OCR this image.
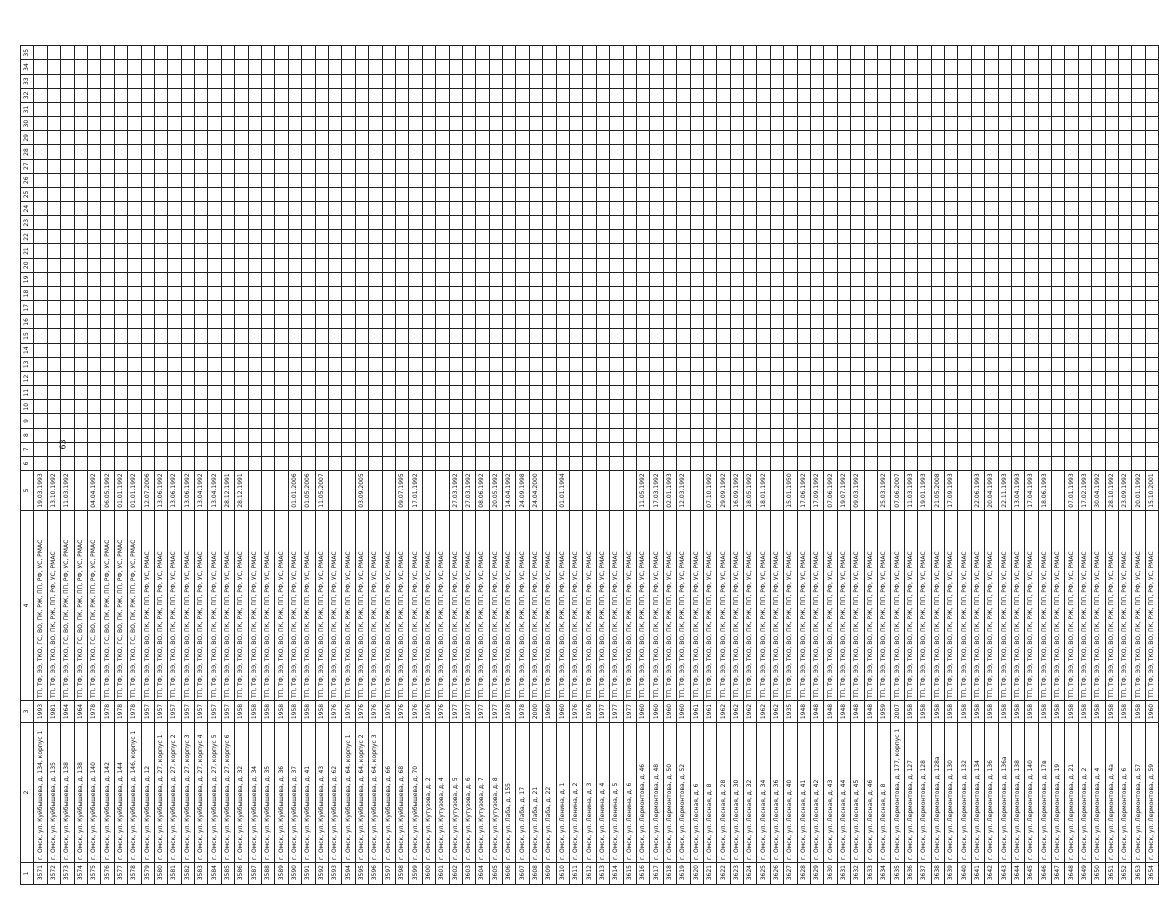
63
1	2	3	4	5	6	7	8	9	10	11	12	13	14	15	16	17	18	19	20	21	22	23	24	25	26	27	28	29	30	31	32	33	34	35
3571	г. Омск, ул. Куйбышева, д. 134, корпус 1	1993	ТП, ТФ, ЭЭ, ТКО, ГС, ВО, ПК, РЖ, ПП, РФ, УС, РМАС	19.03.1993																														
3572	г. Омск, ул. Куйбышева, д. 135	1981	ТП, ТФ, ЭЭ, ТКО, ВО, ПК, РЖ, ПП, РФ, УС, РМАС	13.10.1992																														
3573	г. Омск, ул. Куйбышева, д. 138	1964	ТП, ТФ, ЭЭ, ТКО, ГС, ВО, ПК, РЖ, ПП, РФ, УС, РМАС	11.03.1992																														
3574	г. Омск, ул. Куйбышева, д. 138	1964	ТП, ТФ, ЭЭ, ТКО, ГС, ВО, ПК, РЖ, ПП, РФ, УС, РМАС																															
3575	г. Омск, ул. Куйбышева, д. 140	1978	ТП, ТФ, ЭЭ, ТКО, ГС, ВО, ПК, РЖ, ПП, РФ, УС, РМАС	04.04.1992																														
3576	г. Омск, ул. Куйбышева, д. 142	1978	ТП, ТФ, ЭЭ, ТКО, ГС, ВО, ПК, РЖ, ПП, РФ, УС, РМАС	06.05.1992																														
3577	г. Омск, ул. Куйбышева, д. 144	1978	ТП, ТФ, ЭЭ, ТКО, ГС, ВО, ПК, РЖ, ПП, РФ, УС, РМАС	01.01.1992																														
3578	г. Омск, ул. Куйбышева, д. 146, корпус 1	1978	ТП, ТФ, ЭЭ, ТКО, ГС, ВО, ПК, РЖ, ПП, РФ, УС, РМАС	01.01.1992																														
3579	г. Омск, ул. Куйбышева, д. 12	1957	ТП, ТФ, ЭЭ, ТКО, ВО, ПК, РЖ, ПП, РФ, УС, РМАС	12.07.2006																														
3580	г. Омск, ул. Куйбышева, д. 27, корпус 1	1957	ТП, ТФ, ЭЭ, ТКО, ВО, ПК, РЖ, ПП, РФ, УС, РМАС	13.06.1992																														
3581	г. Омск, ул. Куйбышева, д. 27, корпус 2	1957	ТП, ТФ, ЭЭ, ТКО, ВО, ПК, РЖ, ПП, РФ, УС, РМАС	13.06.1992																														
3582	г. Омск, ул. Куйбышева, д. 27, корпус 3	1957	ТП, ТФ, ЭЭ, ТКО, ВО, ПК, РЖ, ПП, РФ, УС, РМАС	13.06.1992																														
3583	г. Омск, ул. Куйбышева, д. 27, корпус 4	1957	ТП, ТФ, ЭЭ, ТКО, ВО, ПК, РЖ, ПП, РФ, УС, РМАС	13.04.1992																														
3584	г. Омск, ул. Куйбышева, д. 27, корпус 5	1957	ТП, ТФ, ЭЭ, ТКО, ВО, ПК, РЖ, ПП, РФ, УС, РМАС	13.04.1992																														
3585	г. Омск, ул. Куйбышева, д. 27, корпус 6	1957	ТП, ТФ, ЭЭ, ТКО, ВО, ПК, РЖ, ПП, РФ, УС, РМАС	28.12.1991																														
3586	г. Омск, ул. Куйбышева, д. 32	1958	ТП, ТФ, ЭЭ, ТКО, ВО, ПК, РЖ, ПП, РФ, УС, РМАС	28.12.1991																														
3587	г. Омск, ул. Куйбышева, д. 34	1958	ТП, ТФ, ЭЭ, ТКО, ВО, ПК, РЖ, ПП, РФ, УС, РМАС																															
3588	г. Омск, ул. Куйбышева, д. 35	1958	ТП, ТФ, ЭЭ, ТКО, ВО, ПК, РЖ, ПП, РФ, УС, РМАС																															
3589	г. Омск, ул. Куйбышева, д. 36	1958	ТП, ТФ, ЭЭ, ТКО, ВО, ПК, РЖ, ПП, РФ, УС, РМАС																															
3590	г. Омск, ул. Куйбышева, д. 37	1958	ТП, ТФ, ЭЭ, ТКО, ВО, ПК, РЖ, ПП, РФ, УС, РМАС	01.01.2006																														
3591	г. Омск, ул. Куйбышева, д. 41	1958	ТП, ТФ, ЭЭ, ТКО, ВО, ПК, РЖ, ПП, РФ, УС, РМАС	01.05.2006																														
3592	г. Омск, ул. Куйбышева, д. 43	1958	ТП, ТФ, ЭЭ, ТКО, ВО, ПК, РЖ, ПП, РФ, УС, РМАС	11.05.2007																														
3593	г. Омск, ул. Куйбышева, д. 62	1976	ТП, ТФ, ЭЭ, ТКО, ВО, ПК, РЖ, ПП, РФ, УС, РМАС																															
3594	г. Омск, ул. Куйбышева, д. 64, корпус 1	1976	ТП, ТФ, ЭЭ, ТКО, ВО, ПК, РЖ, ПП, РФ, УС, РМАС																															
3595	г. Омск, ул. Куйбышева, д. 64, корпус 2	1976	ТП, ТФ, ЭЭ, ТКО, ВО, ПК, РЖ, ПП, РФ, УС, РМАС	03.09.2005																														
3596	г. Омск, ул. Куйбышева, д. 64, корпус 3	1976	ТП, ТФ, ЭЭ, ТКО, ВО, ПК, РЖ, ПП, РФ, УС, РМАС																															
3597	г. Омск, ул. Куйбышева, д. 66	1976	ТП, ТФ, ЭЭ, ТКО, ВО, ПК, РЖ, ПП, РФ, УС, РМАС																															
3598	г. Омск, ул. Куйбышева, д. 68	1976	ТП, ТФ, ЭЭ, ТКО, ВО, ПК, РЖ, ПП, РФ, УС, РМАС	09.07.1995																														
3599	г. Омск, ул. Куйбышева, д. 70	1976	ТП, ТФ, ЭЭ, ТКО, ВО, ПК, РЖ, ПП, РФ, УС, РМАС	17.01.1992																														
3600	г. Омск, ул. Кутузова, д. 2	1976	ТП, ТФ, ЭЭ, ТКО, ВО, ПК, РЖ, ПП, РФ, УС, РМАС																															
3601	г. Омск, ул. Кутузова, д. 4	1976	ТП, ТФ, ЭЭ, ТКО, ВО, ПК, РЖ, ПП, РФ, УС, РМАС																															
3602	г. Омск, ул. Кутузова, д. 5	1977	ТП, ТФ, ЭЭ, ТКО, ВО, ПК, РЖ, ПП, РФ, УС, РМАС	27.03.1992																														
3603	г. Омск, ул. Кутузова, д. 6	1977	ТП, ТФ, ЭЭ, ТКО, ВО, ПК, РЖ, ПП, РФ, УС, РМАС	27.03.1992																														
3604	г. Омск, ул. Кутузова, д. 7	1977	ТП, ТФ, ЭЭ, ТКО, ВО, ПК, РЖ, ПП, РФ, УС, РМАС	08.06.1992																														
3605	г. Омск, ул. Кутузова, д. 8	1977	ТП, ТФ, ЭЭ, ТКО, ВО, ПК, РЖ, ПП, РФ, УС, РМАС	20.05.1992																														
3606	г. Омск, ул. Лаба, д. 155	1978	ТП, ТФ, ЭЭ, ТКО, ВО, ПК, РЖ, ПП, РФ, УС, РМАС	14.04.1992																														
3607	г. Омск, ул. Лаба, д. 17	1978	ТП, ТФ, ЭЭ, ТКО, ВО, ПК, РЖ, ПП, РФ, УС, РМАС	24.09.1998																														
3608	г. Омск, ул. Лаба, д. 21	2000	ТП, ТФ, ЭЭ, ТКО, ВО, ПК, РЖ, ПП, РФ, УС, РМАС	24.04.2000																														
3609	г. Омск, ул. Лаба, д. 22	1960	ТП, ТФ, ЭЭ, ТКО, ВО, ПК, РЖ, ПП, РФ, УС, РМАС																															
3610	г. Омск, ул. Ленина, д. 1	1960	ТП, ТФ, ЭЭ, ТКО, ВО, ПК, РЖ, ПП, РФ, УС, РМАС	01.01.1994																														
3611	г. Омск, ул. Ленина, д. 2	1976	ТП, ТФ, ЭЭ, ТКО, ВО, ПК, РЖ, ПП, РФ, УС, РМАС																															
3612	г. Омск, ул. Ленина, д. 3	1976	ТП, ТФ, ЭЭ, ТКО, ВО, ПК, РЖ, ПП, РФ, УС, РМАС																															
3613	г. Омск, ул. Ленина, д. 4	1977	ТП, ТФ, ЭЭ, ТКО, ВО, ПК, РЖ, ПП, РФ, УС, РМАС																															
3614	г. Омск, ул. Ленина, д. 5	1977	ТП, ТФ, ЭЭ, ТКО, ВО, ПК, РЖ, ПП, РФ, УС, РМАС																															
3615	г. Омск, ул. Ленина, д. 6	1977	ТП, ТФ, ЭЭ, ТКО, ВО, ПК, РЖ, ПП, РФ, УС, РМАС																															
3616	г. Омск, ул. Лермонтова, д. 46	1960	ТП, ТФ, ЭЭ, ТКО, ВО, ПК, РЖ, ПП, РФ, УС, РМАС	11.05.1992																														
3617	г. Омск, ул. Лермонтова, д. 48	1960	ТП, ТФ, ЭЭ, ТКО, ВО, ПК, РЖ, ПП, РФ, УС, РМАС	17.03.1992																														
3618	г. Омск, ул. Лермонтова, д. 50	1960	ТП, ТФ, ЭЭ, ТКО, ВО, ПК, РЖ, ПП, РФ, УС, РМАС	02.01.1993																														
3619	г. Омск, ул. Лермонтова, д. 52	1960	ТП, ТФ, ЭЭ, ТКО, ВО, ПК, РЖ, ПП, РФ, УС, РМАС	12.03.1992																														
3620	г. Омск, ул. Лесная, д. 6	1961	ТП, ТФ, ЭЭ, ТКО, ВО, ПК, РЖ, ПП, РФ, УС, РМАС																															
3621	г. Омск, ул. Лесная, д. 8	1961	ТП, ТФ, ЭЭ, ТКО, ВО, ПК, РЖ, ПП, РФ, УС, РМАС	07.10.1992																														
3622	г. Омск, ул. Лесная, д. 28	1962	ТП, ТФ, ЭЭ, ТКО, ВО, ПК, РЖ, ПП, РФ, УС, РМАС	29.09.1992																														
3623	г. Омск, ул. Лесная, д. 30	1962	ТП, ТФ, ЭЭ, ТКО, ВО, ПК, РЖ, ПП, РФ, УС, РМАС	16.09.1992																														
3624	г. Омск, ул. Лесная, д. 32	1962	ТП, ТФ, ЭЭ, ТКО, ВО, ПК, РЖ, ПП, РФ, УС, РМАС	18.05.1992																														
3625	г. Омск, ул. Лесная, д. 34	1962	ТП, ТФ, ЭЭ, ТКО, ВО, ПК, РЖ, ПП, РФ, УС, РМАС	18.01.1992																														
3626	г. Омск, ул. Лесная, д. 36	1962	ТП, ТФ, ЭЭ, ТКО, ВО, ПК, РЖ, ПП, РФ, УС, РМАС																															
3627	г. Омск, ул. Лесная, д. 40	1935	ТП, ТФ, ЭЭ, ТКО, ВО, ПК, РЖ, ПП, РФ, УС, РМАС	15.01.1950																														
3628	г. Омск, ул. Лесная, д. 41	1948	ТП, ТФ, ЭЭ, ТКО, ВО, ПК, РЖ, ПП, РФ, УС, РМАС	17.06.1992																														
3629	г. Омск, ул. Лесная, д. 42	1948	ТП, ТФ, ЭЭ, ТКО, ВО, ПК, РЖ, ПП, РФ, УС, РМАС	17.09.1992																														
3630	г. Омск, ул. Лесная, д. 43	1948	ТП, ТФ, ЭЭ, ТКО, ВО, ПК, РЖ, ПП, РФ, УС, РМАС	07.06.1992																														
3631	г. Омск, ул. Лесная, д. 44	1948	ТП, ТФ, ЭЭ, ТКО, ВО, ПК, РЖ, ПП, РФ, УС, РМАС	19.07.1992																														
3632	г. Омск, ул. Лесная, д. 45	1948	ТП, ТФ, ЭЭ, ТКО, ВО, ПК, РЖ, ПП, РФ, УС, РМАС	09.03.1992																														
3633	г. Омск, ул. Лесная, д. 46	1948	ТП, ТФ, ЭЭ, ТКО, ВО, ПК, РЖ, ПП, РФ, УС, РМАС																															
3634	г. Омск, ул. Лесная, д. 8	1959	ТП, ТФ, ЭЭ, ТКО, ВО, ПК, РЖ, ПП, РФ, УС, РМАС	25.03.1992																														
3635	г. Омск, ул. Лермонтова, д. 177, корпус 1	2007	ТП, ТФ, ЭЭ, ТКО, ВО, ПК, РЖ, ПП, РФ, УС, РМАС	07.06.2007																														
3636	г. Омск, ул. Лермонтова, д. 127	1958	ТП, ТФ, ЭЭ, ТКО, ВО, ПК, РЖ, ПП, РФ, УС, РМАС	11.03.1993																														
3637	г. Омск, ул. Лермонтова, д. 128	1958	ТП, ТФ, ЭЭ, ТКО, ВО, ПК, РЖ, ПП, РФ, УС, РМАС	19.01.1993																														
3638	г. Омск, ул. Лермонтова, д. 128а	1958	ТП, ТФ, ЭЭ, ТКО, ВО, ПК, РЖ, ПП, РФ, УС, РМАС	21.05.2008																														
3639	г. Омск, ул. Лермонтова, д. 130	1958	ТП, ТФ, ЭЭ, ТКО, ВО, ПК, РЖ, ПП, РФ, УС, РМАС	17.09.1993																														
3640	г. Омск, ул. Лермонтова, д. 132	1958	ТП, ТФ, ЭЭ, ТКО, ВО, ПК, РЖ, ПП, РФ, УС, РМАС																															
3641	г. Омск, ул. Лермонтова, д. 134	1958	ТП, ТФ, ЭЭ, ТКО, ВО, ПК, РЖ, ПП, РФ, УС, РМАС	22.06.1993																														
3642	г. Омск, ул. Лермонтова, д. 136	1958	ТП, ТФ, ЭЭ, ТКО, ВО, ПК, РЖ, ПП, РФ, УС, РМАС	20.04.1993																														
3643	г. Омск, ул. Лермонтова, д. 136а	1958	ТП, ТФ, ЭЭ, ТКО, ВО, ПК, РЖ, ПП, РФ, УС, РМАС	22.11.1993																														
3644	г. Омск, ул. Лермонтова, д. 138	1958	ТП, ТФ, ЭЭ, ТКО, ВО, ПК, РЖ, ПП, РФ, УС, РМАС	13.04.1993																														
3645	г. Омск, ул. Лермонтова, д. 140	1958	ТП, ТФ, ЭЭ, ТКО, ВО, ПК, РЖ, ПП, РФ, УС, РМАС	17.04.1993																														
3646	г. Омск, ул. Лермонтова, д. 17в	1958	ТП, ТФ, ЭЭ, ТКО, ВО, ПК, РЖ, ПП, РФ, УС, РМАС	18.06.1993																														
3647	г. Омск, ул. Лермонтова, д. 19	1958	ТП, ТФ, ЭЭ, ТКО, ВО, ПК, РЖ, ПП, РФ, УС, РМАС																															
3648	г. Омск, ул. Лермонтова, д. 21	1958	ТП, ТФ, ЭЭ, ТКО, ВО, ПК, РЖ, ПП, РФ, УС, РМАС	07.01.1993																														
3649	г. Омск, ул. Лермонтова, д. 2	1958	ТП, ТФ, ЭЭ, ТКО, ВО, ПК, РЖ, ПП, РФ, УС, РМАС	17.02.1993																														
3650	г. Омск, ул. Лермонтова, д. 4	1958	ТП, ТФ, ЭЭ, ТКО, ВО, ПК, РЖ, ПП, РФ, УС, РМАС	30.04.1992																														
3651	г. Омск, ул. Лермонтова, д. 4а	1958	ТП, ТФ, ЭЭ, ТКО, ВО, ПК, РЖ, ПП, РФ, УС, РМАС	28.10.1992																														
3652	г. Омск, ул. Лермонтова, д. 6	1958	ТП, ТФ, ЭЭ, ТКО, ВО, ПК, РЖ, ПП, РФ, УС, РМАС	23.09.1992																														
3653	г. Омск, ул. Лермонтова, д. 57	1958	ТП, ТФ, ЭЭ, ТКО, ВО, ПК, РЖ, ПП, РФ, УС, РМАС	20.01.1992																														
3654	г. Омск, ул. Лермонтова, д. 59	1960	ТП, ТФ, ЭЭ, ТКО, ВО, ПК, РЖ, ПП, РФ, УС, РМАС	15.10.2001																														
